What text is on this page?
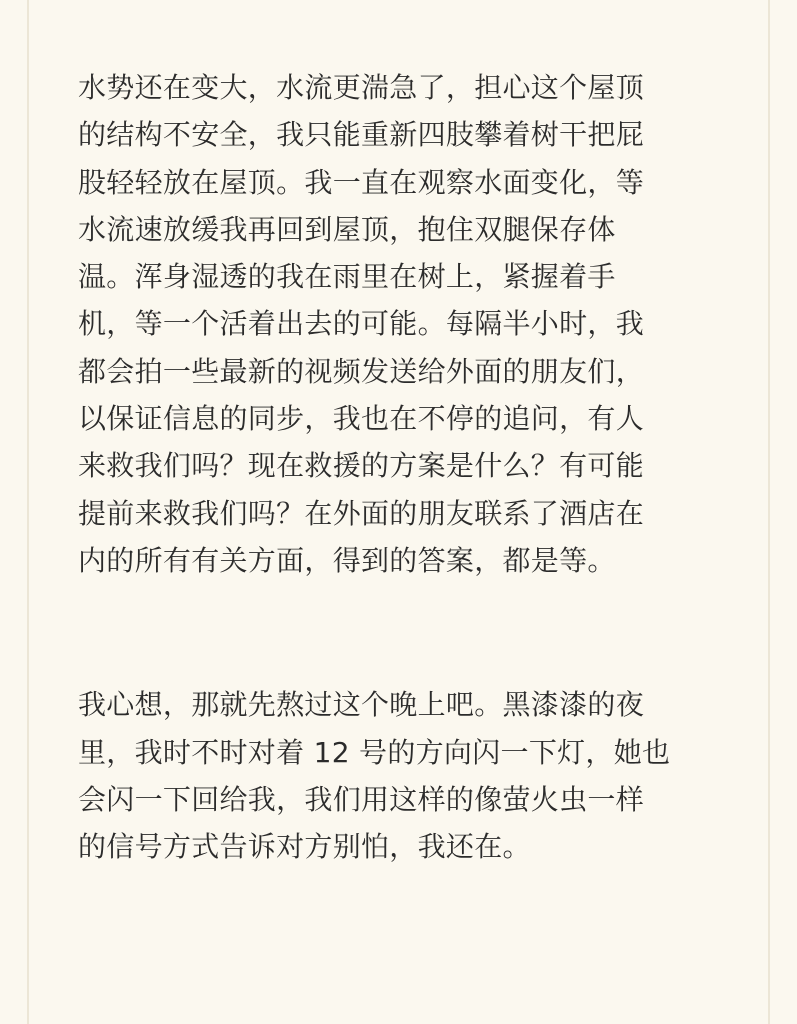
水势还在变大，水流更湍急了，担心这个屋顶
的结构不安全，我只能重新四肢攀着树干把屁
股轻轻放在屋顶。我一直在观察水面变化，等
水流速放缓我再回到屋顶，抱住双腿保存体
温。浑身湿透的我在雨里在树上，紧握着手
机，等一个活着出去的可能。每隔半小时，我
都会拍一些最新的视频发送给外面的朋友们，
以保证信息的同步，我也在不停的追问，有人
来救我们吗？现在救援的方案是什么？有可能
提前来救我们吗？在外面的朋友联系了酒店在
内的所有有关方面，得到的答案，都是等。
我心想，那就先熬过这个晚上吧。黑漆漆的夜
里，我时不时对着 12 号的方向闪一下灯，她也
会闪一下回给我，我们用这样的像萤火虫一样
的信号方式告诉对方别怕，我还在。
